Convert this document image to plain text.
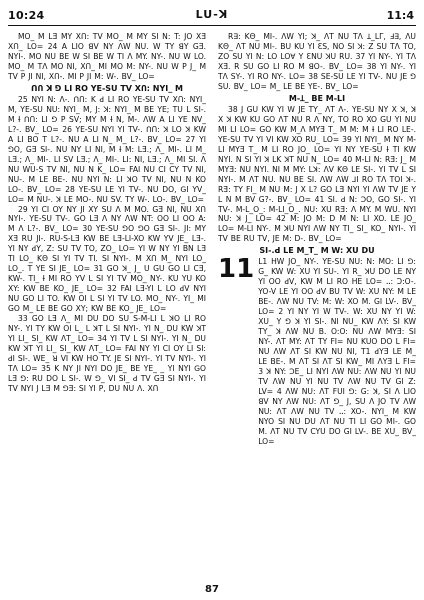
10:24	LU-ꓘ	11:4

MO_ M LƎ MY XՈ: TV MO_ M MY SI N: T: JO XƎ XՈ_ LO= 24 A LIO ꓭV NY ΛW NU. W TY ꓭY GƎ. NYI-. MO NU BE W SI BE W TI Λ MY. NY-. NU W LO. MO_ M TΛ MO NI, XՈ_ MI MO M: NY-. NU W P J_ M TV P JI NI, XՈ-. MI P JI M: W-. BV_ LO=

ꓵՈ ꓘ ꓨ LI RO YE-SU TV XՈ: NYI_ M

25 NYI N: Λ-. ꓵՈ: K ꓒ LI RO YE-SU TV XՈ: NYI_ M, YE-SU NU: NYI_ M, J: ꓘ: NYI_ M BE YE; TU L SI-. M Ɨ ꓵՈ: LI ꓨ P SV; MY M Ɨ N, M-. ΛW A LI YE NV_ L?-. BV_ LO= 26 YE-SU NYI YI TV-. ꓵՈ: ꓘ LO ꓘ KW A LI BO T L?-. NU A LI N_ M_ L?-. BV_ LO= 27 YI ꓨO, GƎ SI-. NU NY LI NI, M Ɨ M: LƎ.; Λ_ MI-. LI M_ LƎ.; Λ_ MI-. LI SV LƎ.; Λ_ MI-. LI: NI, LƎ.; Λ_ MI SI. Λ NU WU-S TV NI, NU N K_ LO= FAI NU CI CY TV NI, NU-. M LE BE-. NU NYI N: LI ꓘO TV NI, NU N KO LO-. BV_ LO= 28 YE-SU LE YI TV-. NU DO, ꓖI YV_ LO= M NU-. ꓘ LE MO-. NU SV. TY W-. LO-. BV_ LO=

29 YI CI OY NY JI XY SU Λ M MO. GƎ NI, NU XՈ NYI-. YE-SU TV-. GO LƎ Λ NY ΛW NT: OO LI OO A: M Λ L?-. BV_ LO= 30 YE-SU ꓨO ꓨO GƎ SI-. JI: MY XƎ RU JI-. RU-S-LƎ KW BE LƎ-LI-XO KW YV JE_ LƎ-. YI NY ꓒY, Z: SU TV TO, ZO_ LO= YI W NY YI BN LƎ TI LO_ KΘ SI YI TV TI. SI NYI-. M XՈ M_ NYI LO_ LO_. T YE SI JE_ LO= 31 GO ꓘ_ J_ U GU GO LI CƎ, KW-. TI_ Ɨ MI RO YV L SI YI TV MO_ NY-. KU YU KO XY: KW BE KO_ JE_ LO= 32 FAI LƎ-YI L LO ꓒV NYI NU GO LI TO. KW OI L SI YI TV LO. MO_ NY-. YI_ MI GO M_ LE BE GO XY; KW BE KO_ JE_ LO=

33 GO LƎ Λ_ MI DU DO SU S-M-LI L ꓘO LI RO NY-. YI TY KW OI L_ L ꓘT L SI NYI-. YI N_ DU KW ꓘT YI LI_ SI_ KW ΛT_ LO= 34 YI TV L SI NYI-. YI N_ DU KW ꓘT YI LI_ SI_ KW ΛT_ LO= FAI NY YI CI OY LI SI: ꓒI SI-. WE_ ꓤ VI KW HO TY. JE SI NYI-. YI TV NYI-. YI TΛ LO= 35 K NY JI NYI DO JE_ BE YE_ _ YI NYI ꓖO LƎ ꓨ: RU DO L SI-. W ꓨ_ VI SI_ ꓒ TV GƎ SI NYI-. YI TV NYI J LƎ M ꓨƎ: SI YI P, DU NU Λ. XՈ

R∃: KΘ_ MI-. ΛW YI; ꓘ_ ΛT NU TΛ Ʇ_LΓ, ꓞ∃, ΛU KΘ_ ΛT NU MI-. BU KU YI ƐS, NO SI ꓘ: Z SU TΛ TO, ZO SU YI N: LO LO∀ Y ƐNU ꓘU RU. 37 YI NY-. YI TΛ XƎ. R SU GO LI RO M ꓭO-. BV_ LO= 38 YI NY-. YI TΛ SY-. YI RO NY-. LO= 38 SE-SU LE YI TV-. NU JE ꓨ SU. BV_ LO= M_ LE BE YE-. BV_ LO=

M-Ʇ_ BE M-LI

38 J GU KW YI W JE TY_ ΛT Λ-. YE-SU NY X ꓘ, ꓘ X ꓘ KW KU GO ΛT NU R Λ NY, TO RO XO GU YI NU MI LI LO= GO KW M_Λ MYƎ T_ M M: M Ɨ LI RO LE-. YE-SU TV YI VI KW XO RU_ LO= 39 YI NYI_ M NY M-LI MYƎ T_ M LI RO JO_ LO= YI NY YE-SU Ɨ TI KW NYI. N SI YI ꓘ LK ꓘT NU N_ LO= 40 M-LI N: RƎ: J_ M MYƎ: NU NYI. NI M MY: Lꓘ: ΛV KΘ LE SI-. YI TV L SI NYI-. M ΛT NU. NU BE SI. ΛW ΛW ⅃I RO TΛ TOI ꓘ-. RƎ: TY FI_ M NU M: J X L? GO LƎ NYI YI ΛW TV JE Y L N M BV G?-. BV_ LO= 41 SI. ꓒ N: ꓛO, GO SI-. YI TV-. M-L_O_: M-LI_O_. NU: XU RƎ: Λ MY. M WU. NYI NU: ꓘ J_ LO= 42 M: JO M: D M N: LI XO. LE JO_ LO= M-LI NY-. M ꓘU NYI ΛW NY TI_ SI_ KO_ NYI-. YI TV BE RU TV, JE M: D-. BV_ LO=

SI-.ꓒ LE M_T_ M W: XU DU
11 L1 HW JO_ NY-. YE-SU NU: N: MO: LI ꓨ: G_ KW W: XU YI SU-. YI R_ ꓘU DO LE NY YI OO ꓒV, KW M LI RO HE LO= ꓺ: Ɔ:O-. YO-V LE YI OO ꓒV BU TV W: XU NY: M LE BE-. ΛW NU TV: M: W: XO M. GI LV-. BV_ LO= 2 YI NY YI W TV-. W: XU NY YI W: XU_ Y ꓨ ꓘ YI SI-. NI NU_ KW ΛY: SI KW TY_ ꓘ ΛW NU B. O:O: NU ΛW MYƎ: SI NY-. ΛT MY: ΛT TY FI= NU KUO DO L FI= NU ΛW ΛT SI KW NU NI, T1 ꓒYƎ LE M_ LE BE-. M ΛT SI ΛT SI KW_ MI ΛYƎ L FI= 3 ꓘ NY: ꓛE_ LI NYI ΛW NU: ΛW NU YI NU TV ΛW NU YI NU TV ΛW NU TV GI Z: LV= 4 ΛW NU: ΛT FUI ꓨ: G: ꓘ, SI Λ LIO ꓭV NY ΛW NU: ΛT ꓨ_ J, SU Λ JO TV ΛW NU: ΛT ΛW NU TV ꓺ: XO-. NYI_ M KW NYO SI NU DU ΛT NU TI LI GO MI-. GO M. ΛT NU TV CYU DO GI LV-. BE XU_ BV_ LO=

87
